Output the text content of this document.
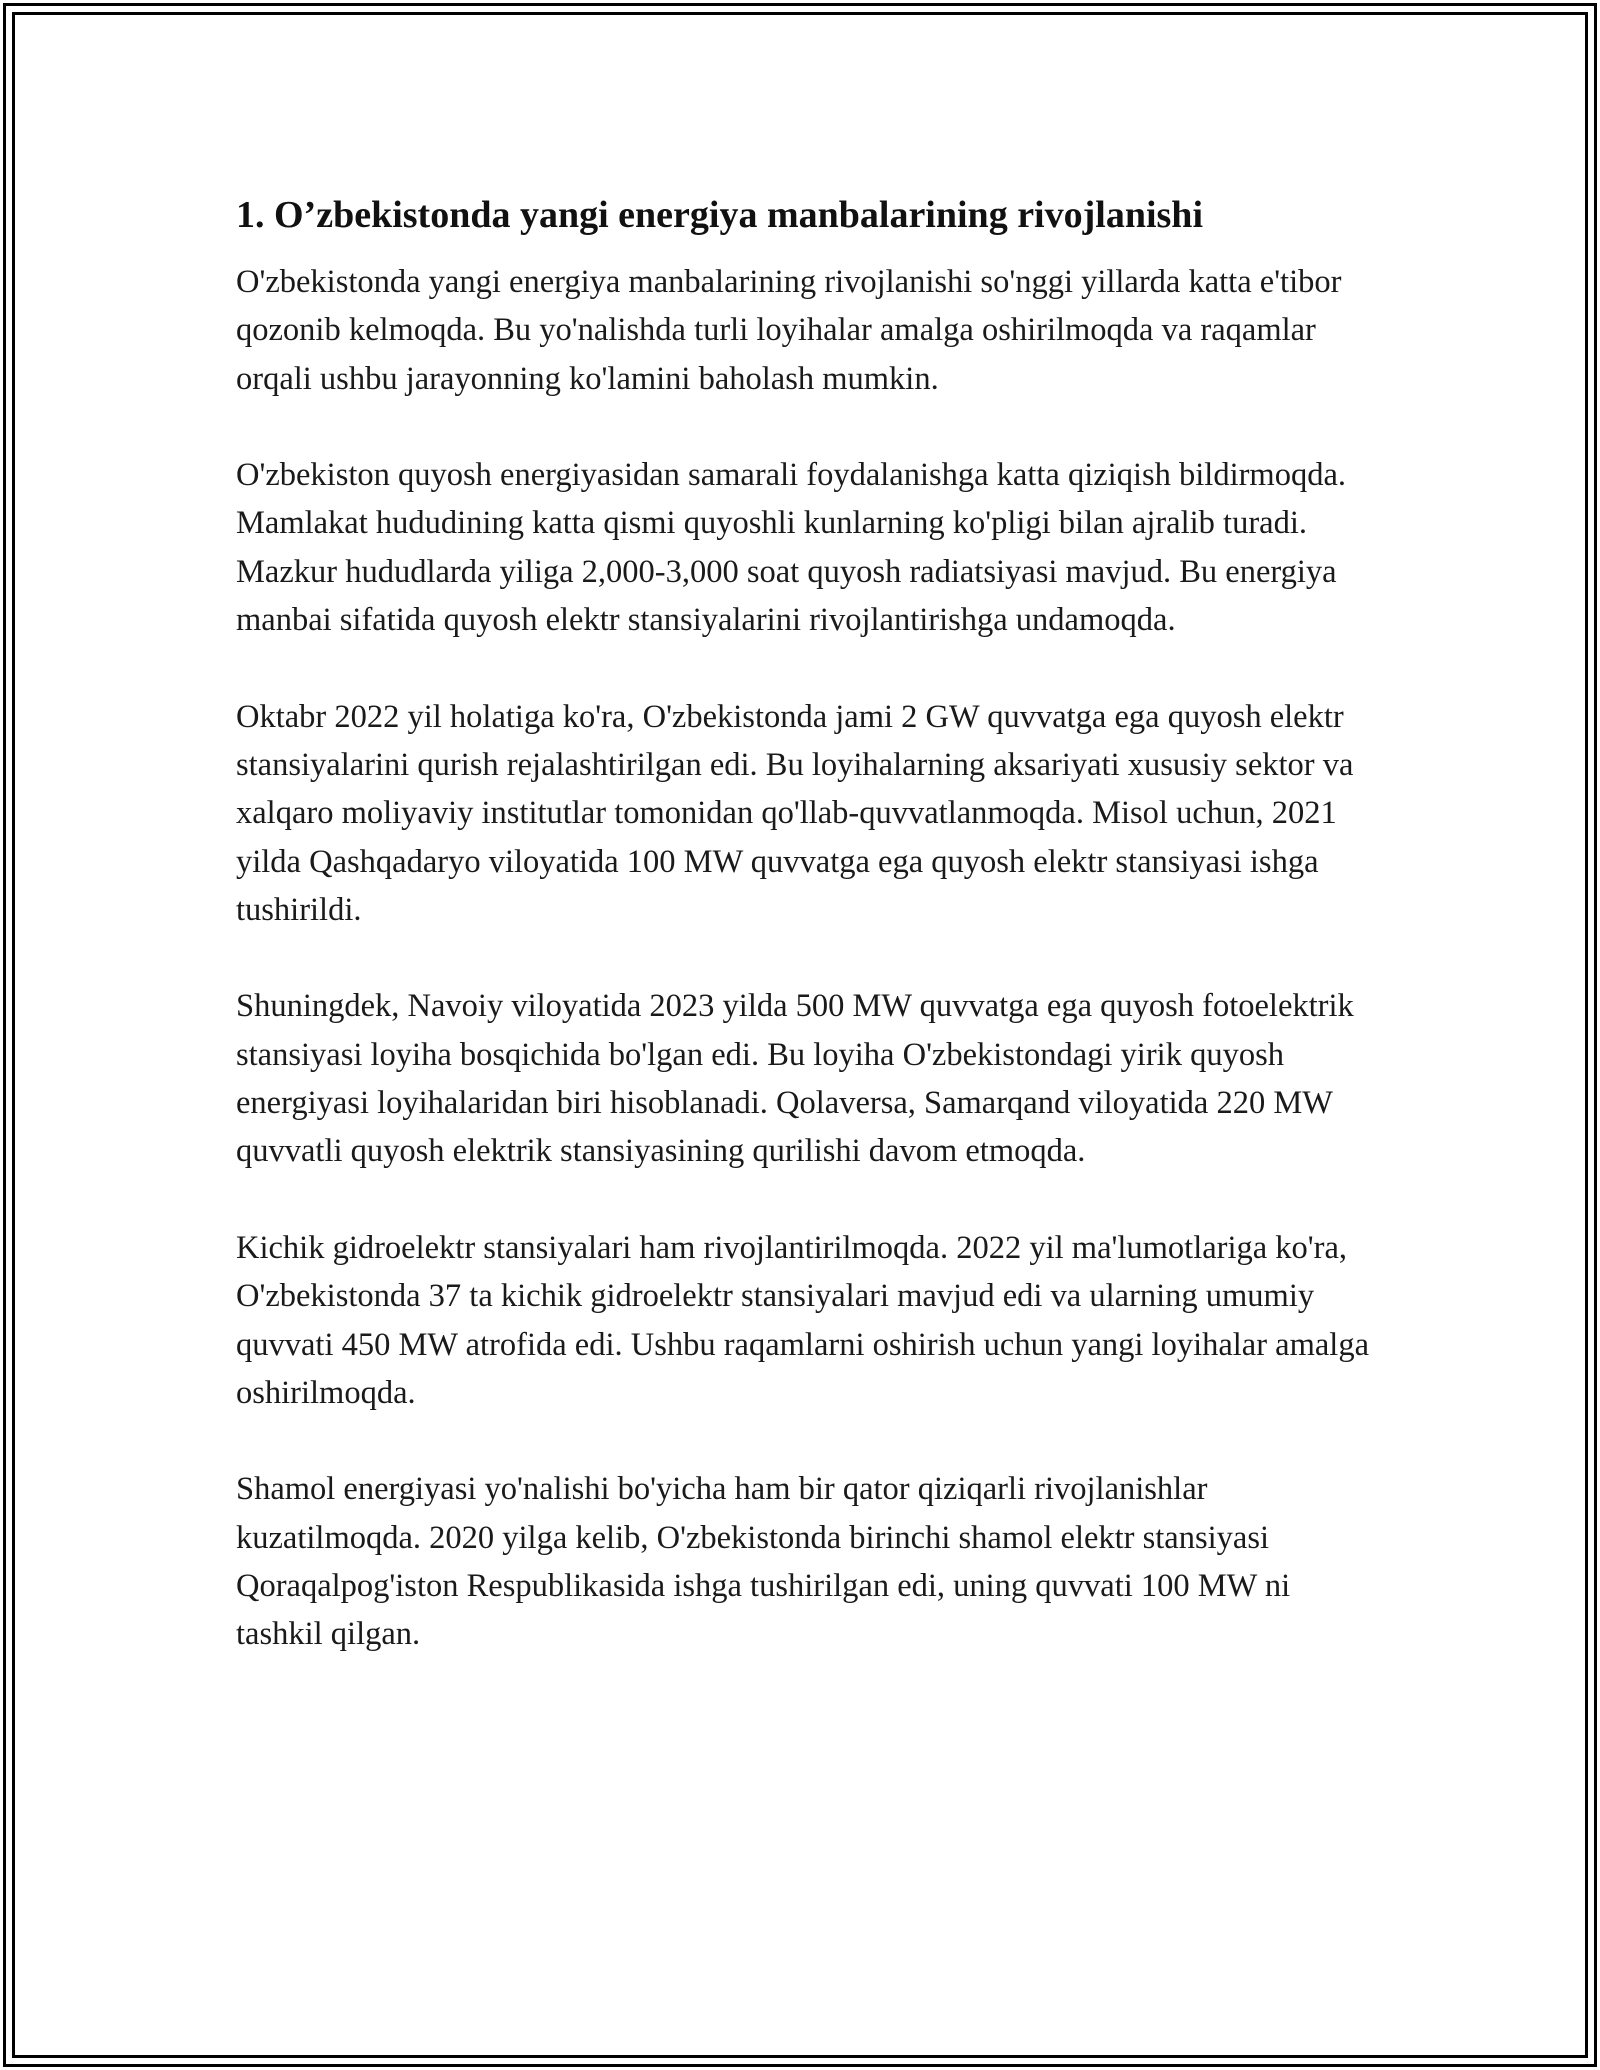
1. O’zbekistonda yangi energiya manbalarining rivojlanishi

O'zbekistonda yangi energiya manbalarining rivojlanishi so'nggi yillarda katta e'tibor qozonib kelmoqda. Bu yo'nalishda turli loyihalar amalga oshirilmoqda va raqamlar orqali ushbu jarayonning ko'lamini baholash mumkin.

O'zbekiston quyosh energiyasidan samarali foydalanishga katta qiziqish bildirmoqda. Mamlakat hududining katta qismi quyoshli kunlarning ko'pligi bilan ajralib turadi. Mazkur hududlarda yiliga 2,000-3,000 soat quyosh radiatsiyasi mavjud. Bu energiya manbai sifatida quyosh elektr stansiyalarini rivojlantirishga undamoqda.

Oktabr 2022 yil holatiga ko'ra, O'zbekistonda jami 2 GW quvvatga ega quyosh elektr stansiyalarini qurish rejalashtirilgan edi. Bu loyihalarning aksariyati xususiy sektor va xalqaro moliyaviy institutlar tomonidan qo'llab-quvvatlanmoqda. Misol uchun, 2021 yilda Qashqadaryo viloyatida 100 MW quvvatga ega quyosh elektr stansiyasi ishga tushirildi.

Shuningdek, Navoiy viloyatida 2023 yilda 500 MW quvvatga ega quyosh fotoelektrik stansiyasi loyiha bosqichida bo'lgan edi. Bu loyiha O'zbekistondagi yirik quyosh energiyasi loyihalaridan biri hisoblanadi. Qolaversa, Samarqand viloyatida 220 MW quvvatli quyosh elektrik stansiyasining qurilishi davom etmoqda.

Kichik gidroelektr stansiyalari ham rivojlantirilmoqda. 2022 yil ma'lumotlariga ko'ra, O'zbekistonda 37 ta kichik gidroelektr stansiyalari mavjud edi va ularning umumiy quvvati 450 MW atrofida edi. Ushbu raqamlarni oshirish uchun yangi loyihalar amalga oshirilmoqda.

Shamol energiyasi yo'nalishi bo'yicha ham bir qator qiziqarli rivojlanishlar kuzatilmoqda. 2020 yilga kelib, O'zbekistonda birinchi shamol elektr stansiyasi Qoraqalpog'iston Respublikasida ishga tushirilgan edi, uning quvvati 100 MW ni tashkil qilgan.
